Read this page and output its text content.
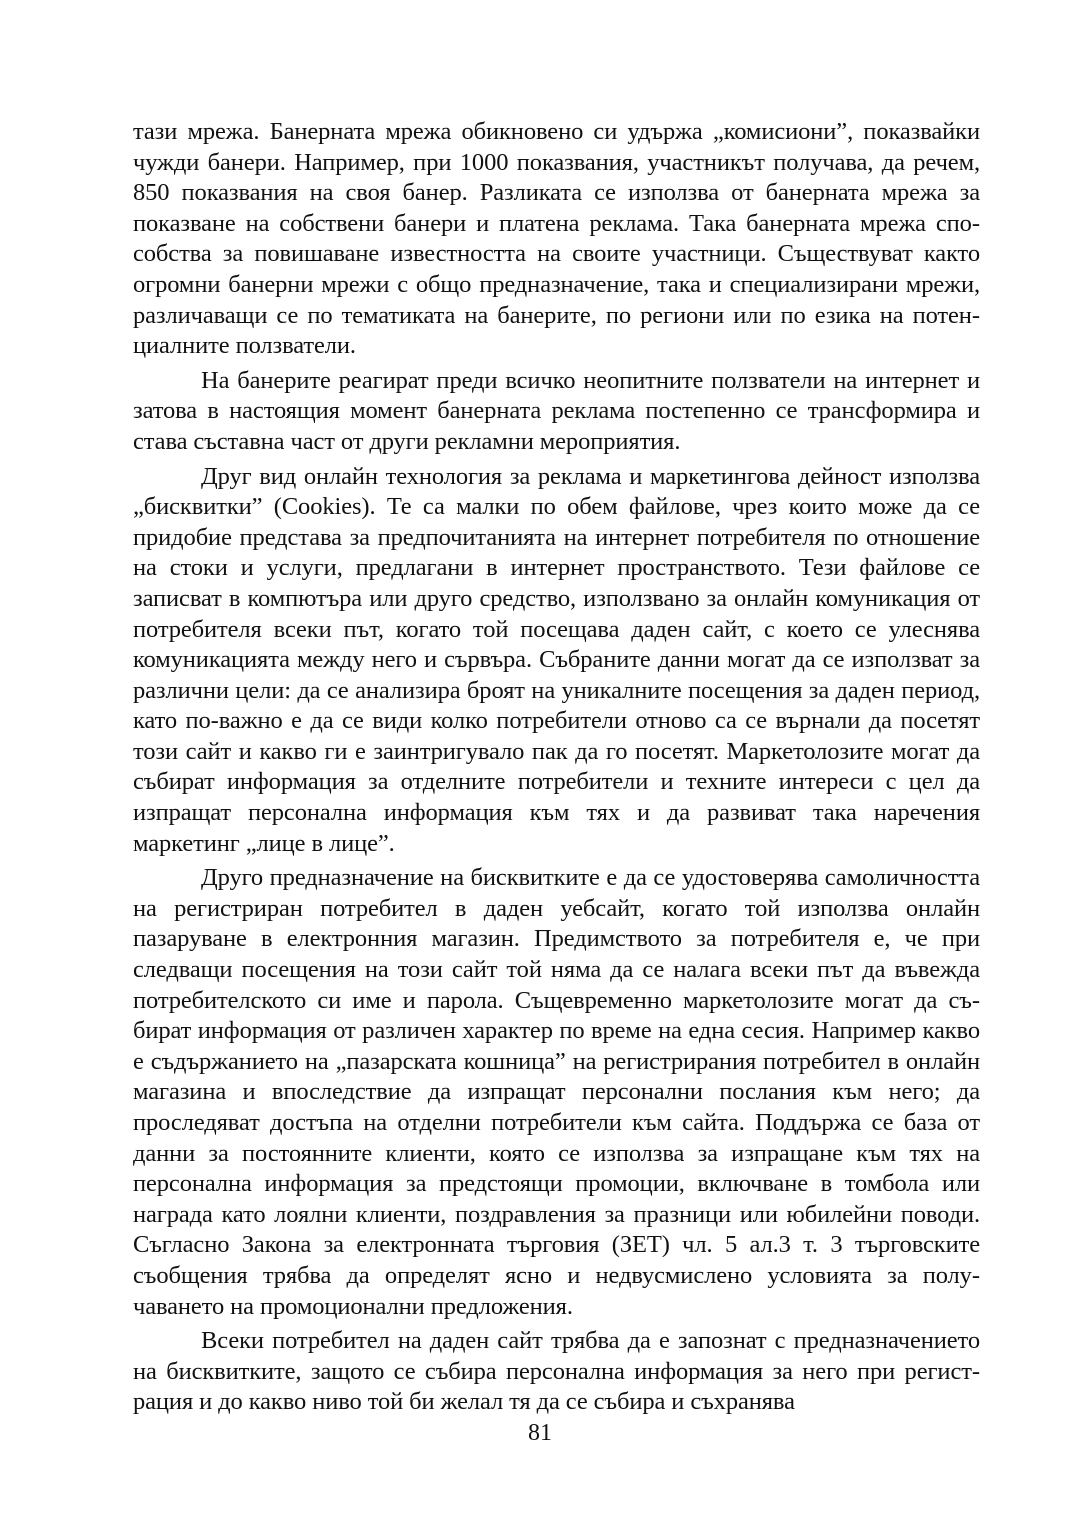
тази мрежа. Банерната мрежа обикновено си удържа „комисиони”, показвайки чужди банери. Например, при 1000 показвания, участникът получава, да речем, 850 показвания на своя банер. Разликата се използва от банерната мрежа за показване на собствени банери и платена реклама. Така банерната мрежа способства за повишаване известността на своите участници. Съществуват както огромни банерни мрежи с общо предназначение, така и специализирани мрежи, различаващи се по тематиката на банерите, по региони или по езика на потенциалните ползватели.

На банерите реагират преди всичко неопитните ползватели на интернет и затова в настоящия момент банерната реклама постепенно се трансформира и става съставна част от други рекламни мероприятия.

Друг вид онлайн технология за реклама и маркетингова дейност използва „бисквитки” (Cookies). Те са малки по обем файлове, чрез които може да се придобие представа за предпочитанията на интернет потребителя по отношение на стоки и услуги, предлагани в интернет пространството. Тези файлове се записват в компютъра или друго средство, използвано за онлайн комуникация от потребителя всеки път, когато той посещава даден сайт, с което се улеснява комуникацията между него и сървъра. Събраните данни могат да се използват за различни цели: да се анализира броят на уникалните посещения за даден период, като по-важно е да се види колко потребители отново са се върнали да посетят този сайт и какво ги е заинтригувало пак да го посетят. Маркетолозите могат да събират информация за отделните потребители и техните интереси с цел да изпращат персонална информация към тях и да развиват така наречения маркетинг „лице в лице”.

Друго предназначение на бисквитките е да се удостоверява самоличността на регистриран потребител в даден уебсайт, когато той използва онлайн пазаруване в електронния магазин. Предимството за потребителя е, че при следващи посещения на този сайт той няма да се налага всеки път да въвежда потребителското си име и парола. Същевременно маркетолозите могат да събират информация от различен характер по време на една сесия. Например какво е съдържанието на „пазарската кошница” на регистрирания потребител в онлайн магазина и впоследствие да изпращат персонални послания към него; да проследяват достъпа на отделни потребители към сайта. Поддържа се база от данни за постоянните клиенти, която се използва за изпращане към тях на персонална информация за предстоящи промоции, включване в томбола или награда като лоялни клиенти, поздравления за празници или юбилейни поводи. Съгласно Закона за електронната търговия (ЗЕТ) чл. 5 ал.3 т. 3 търговските съобщения трябва да определят ясно и недвусмислено условията за получаването на промоционални предложения.

Всеки потребител на даден сайт трябва да е запознат с предназначението на бисквитките, защото се събира персонална информация за него при регистрация и до какво ниво той би желал тя да се събира и съхранява

81
